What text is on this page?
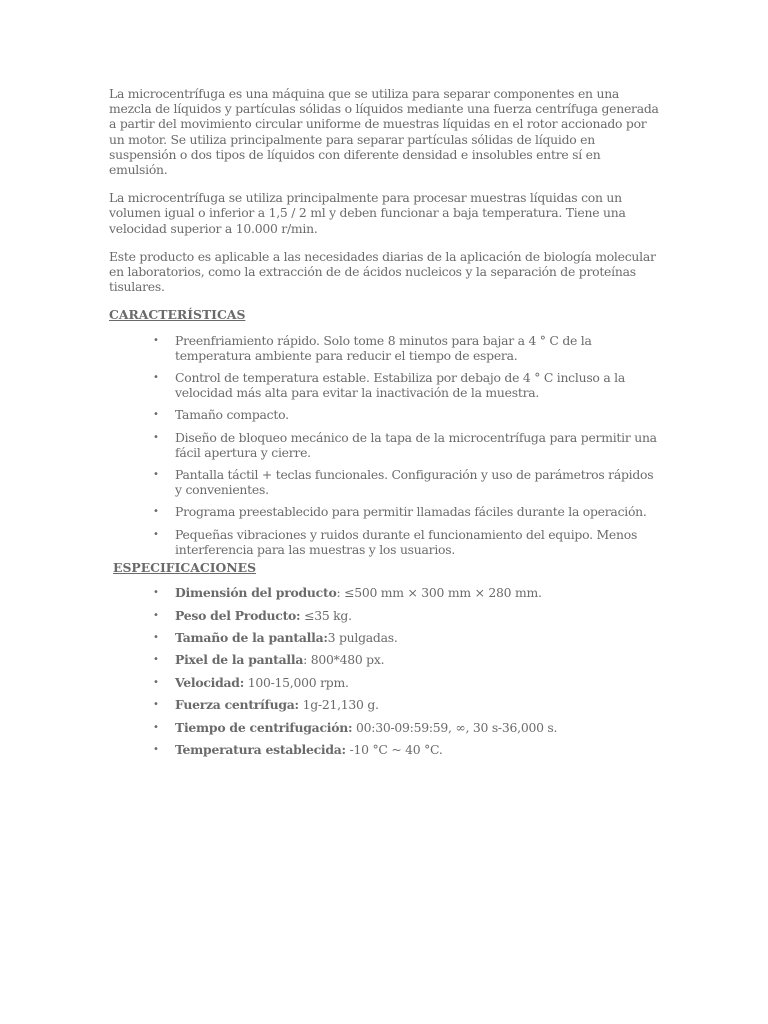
La microcentrífuga es una máquina que se utiliza para separar componentes en una mezcla de líquidos y partículas sólidas o líquidos mediante una fuerza centrífuga generada a partir del movimiento circular uniforme de muestras líquidas en el rotor accionado por un motor. Se utiliza principalmente para separar partículas sólidas de líquido en suspensión o dos tipos de líquidos con diferente densidad e insolubles entre sí en emulsión.

La microcentrífuga se utiliza principalmente para procesar muestras líquidas con un volumen igual o inferior a 1,5 / 2 ml y deben funcionar a baja temperatura. Tiene una velocidad superior a 10.000 r/min.

Este producto es aplicable a las necesidades diarias de la aplicación de biología molecular en laboratorios, como la extracción de de ácidos nucleicos y la separación de proteínas tisulares.

CARACTERÍSTICAS
• Preenfriamiento rápido. Solo tome 8 minutos para bajar a 4 ° C de la temperatura ambiente para reducir el tiempo de espera.
• Control de temperatura estable. Estabiliza por debajo de 4 ° C incluso a la velocidad más alta para evitar la inactivación de la muestra.
• Tamaño compacto.
• Diseño de bloqueo mecánico de la tapa de la microcentrífuga para permitir una fácil apertura y cierre.
• Pantalla táctil + teclas funcionales. Configuración y uso de parámetros rápidos y convenientes.
• Programa preestablecido para permitir llamadas fáciles durante la operación.
• Pequeñas vibraciones y ruidos durante el funcionamiento del equipo. Menos interferencia para las muestras y los usuarios.
ESPECIFICACIONES
• Dimensión del producto: ≤500 mm × 300 mm × 280 mm.
• Peso del Producto: ≤35 kg.
• Tamaño de la pantalla:3 pulgadas.
• Pixel de la pantalla: 800*480 px.
• Velocidad: 100-15,000 rpm.
• Fuerza centrífuga: 1g-21,130 g.
• Tiempo de centrifugación: 00:30-09:59:59, ∞, 30 s-36,000 s.
• Temperatura establecida: -10 °C ~ 40 °C.
